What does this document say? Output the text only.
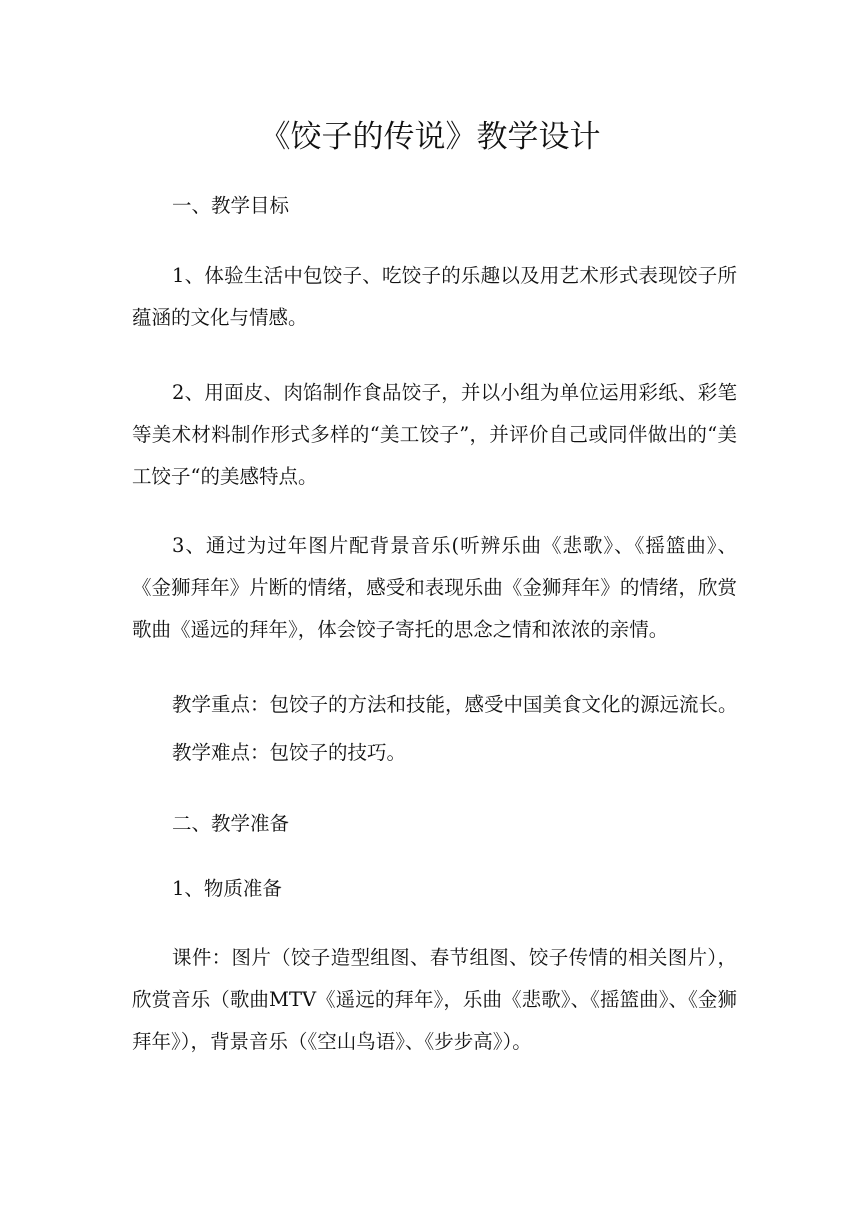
《饺子的传说》教学设计

一、教学目标

1、体验生活中包饺子、吃饺子的乐趣以及用艺术形式表现饺子所蕴涵的文化与情感。

2、用面皮、肉馅制作食品饺子，并以小组为单位运用彩纸、彩笔等美术材料制作形式多样的“美工饺子”，并评价自己或同伴做出的“美工饺子“的美感特点。

3、通过为过年图片配背景音乐(听辨乐曲《悲歌》、《摇篮曲》、《金狮拜年》片断的情绪，感受和表现乐曲《金狮拜年》的情绪，欣赏歌曲《遥远的拜年》，体会饺子寄托的思念之情和浓浓的亲情。

教学重点：包饺子的方法和技能，感受中国美食文化的源远流长。

教学难点：包饺子的技巧。

二、教学准备

1、物质准备

课件：图片（饺子造型组图、春节组图、饺子传情的相关图片），欣赏音乐（歌曲MTV《遥远的拜年》，乐曲《悲歌》、《摇篮曲》、《金狮拜年》），背景音乐（《空山鸟语》、《步步高》）。
